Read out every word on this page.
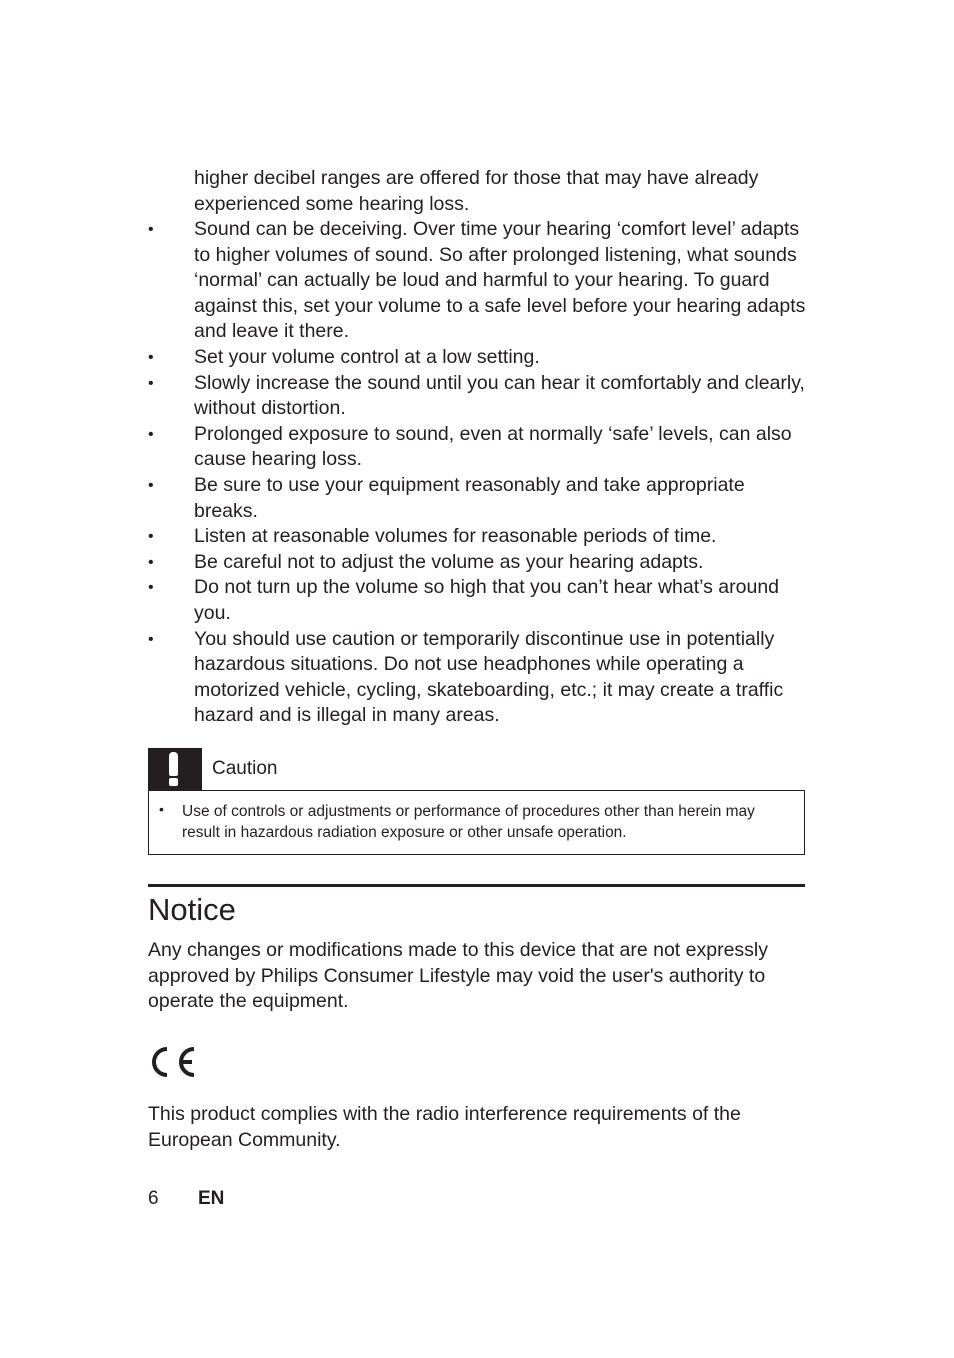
higher decibel ranges are offered for those that may have already experienced some hearing loss.
•	Sound can be deceiving. Over time your hearing ‘comfort level’ adapts to higher volumes of sound. So after prolonged listening, what sounds ‘normal’ can actually be loud and harmful to your hearing. To guard against this, set your volume to a safe level before your hearing adapts and leave it there.
•	Set your volume control at a low setting.
•	Slowly increase the sound until you can hear it comfortably and clearly, without distortion.
•	Prolonged exposure to sound, even at normally ‘safe’ levels, can also cause hearing loss.
•	Be sure to use your equipment reasonably and take appropriate breaks.
•	Listen at reasonable volumes for reasonable periods of time.
•	Be careful not to adjust the volume as your hearing adapts.
•	Do not turn up the volume so high that you can’t hear what’s around you.
•	You should use caution or temporarily discontinue use in potentially hazardous situations. Do not use headphones while operating a motorized vehicle, cycling, skateboarding, etc.; it may create a traffic hazard and is illegal in many areas.
Caution
• Use of controls or adjustments or performance of procedures other than herein may result in hazardous radiation exposure or other unsafe operation.
Notice
Any changes or modifications made to this device that are not expressly approved by Philips Consumer Lifestyle may void the user's authority to operate the equipment.
This product complies with the radio interference requirements of the European Community.
6 EN
